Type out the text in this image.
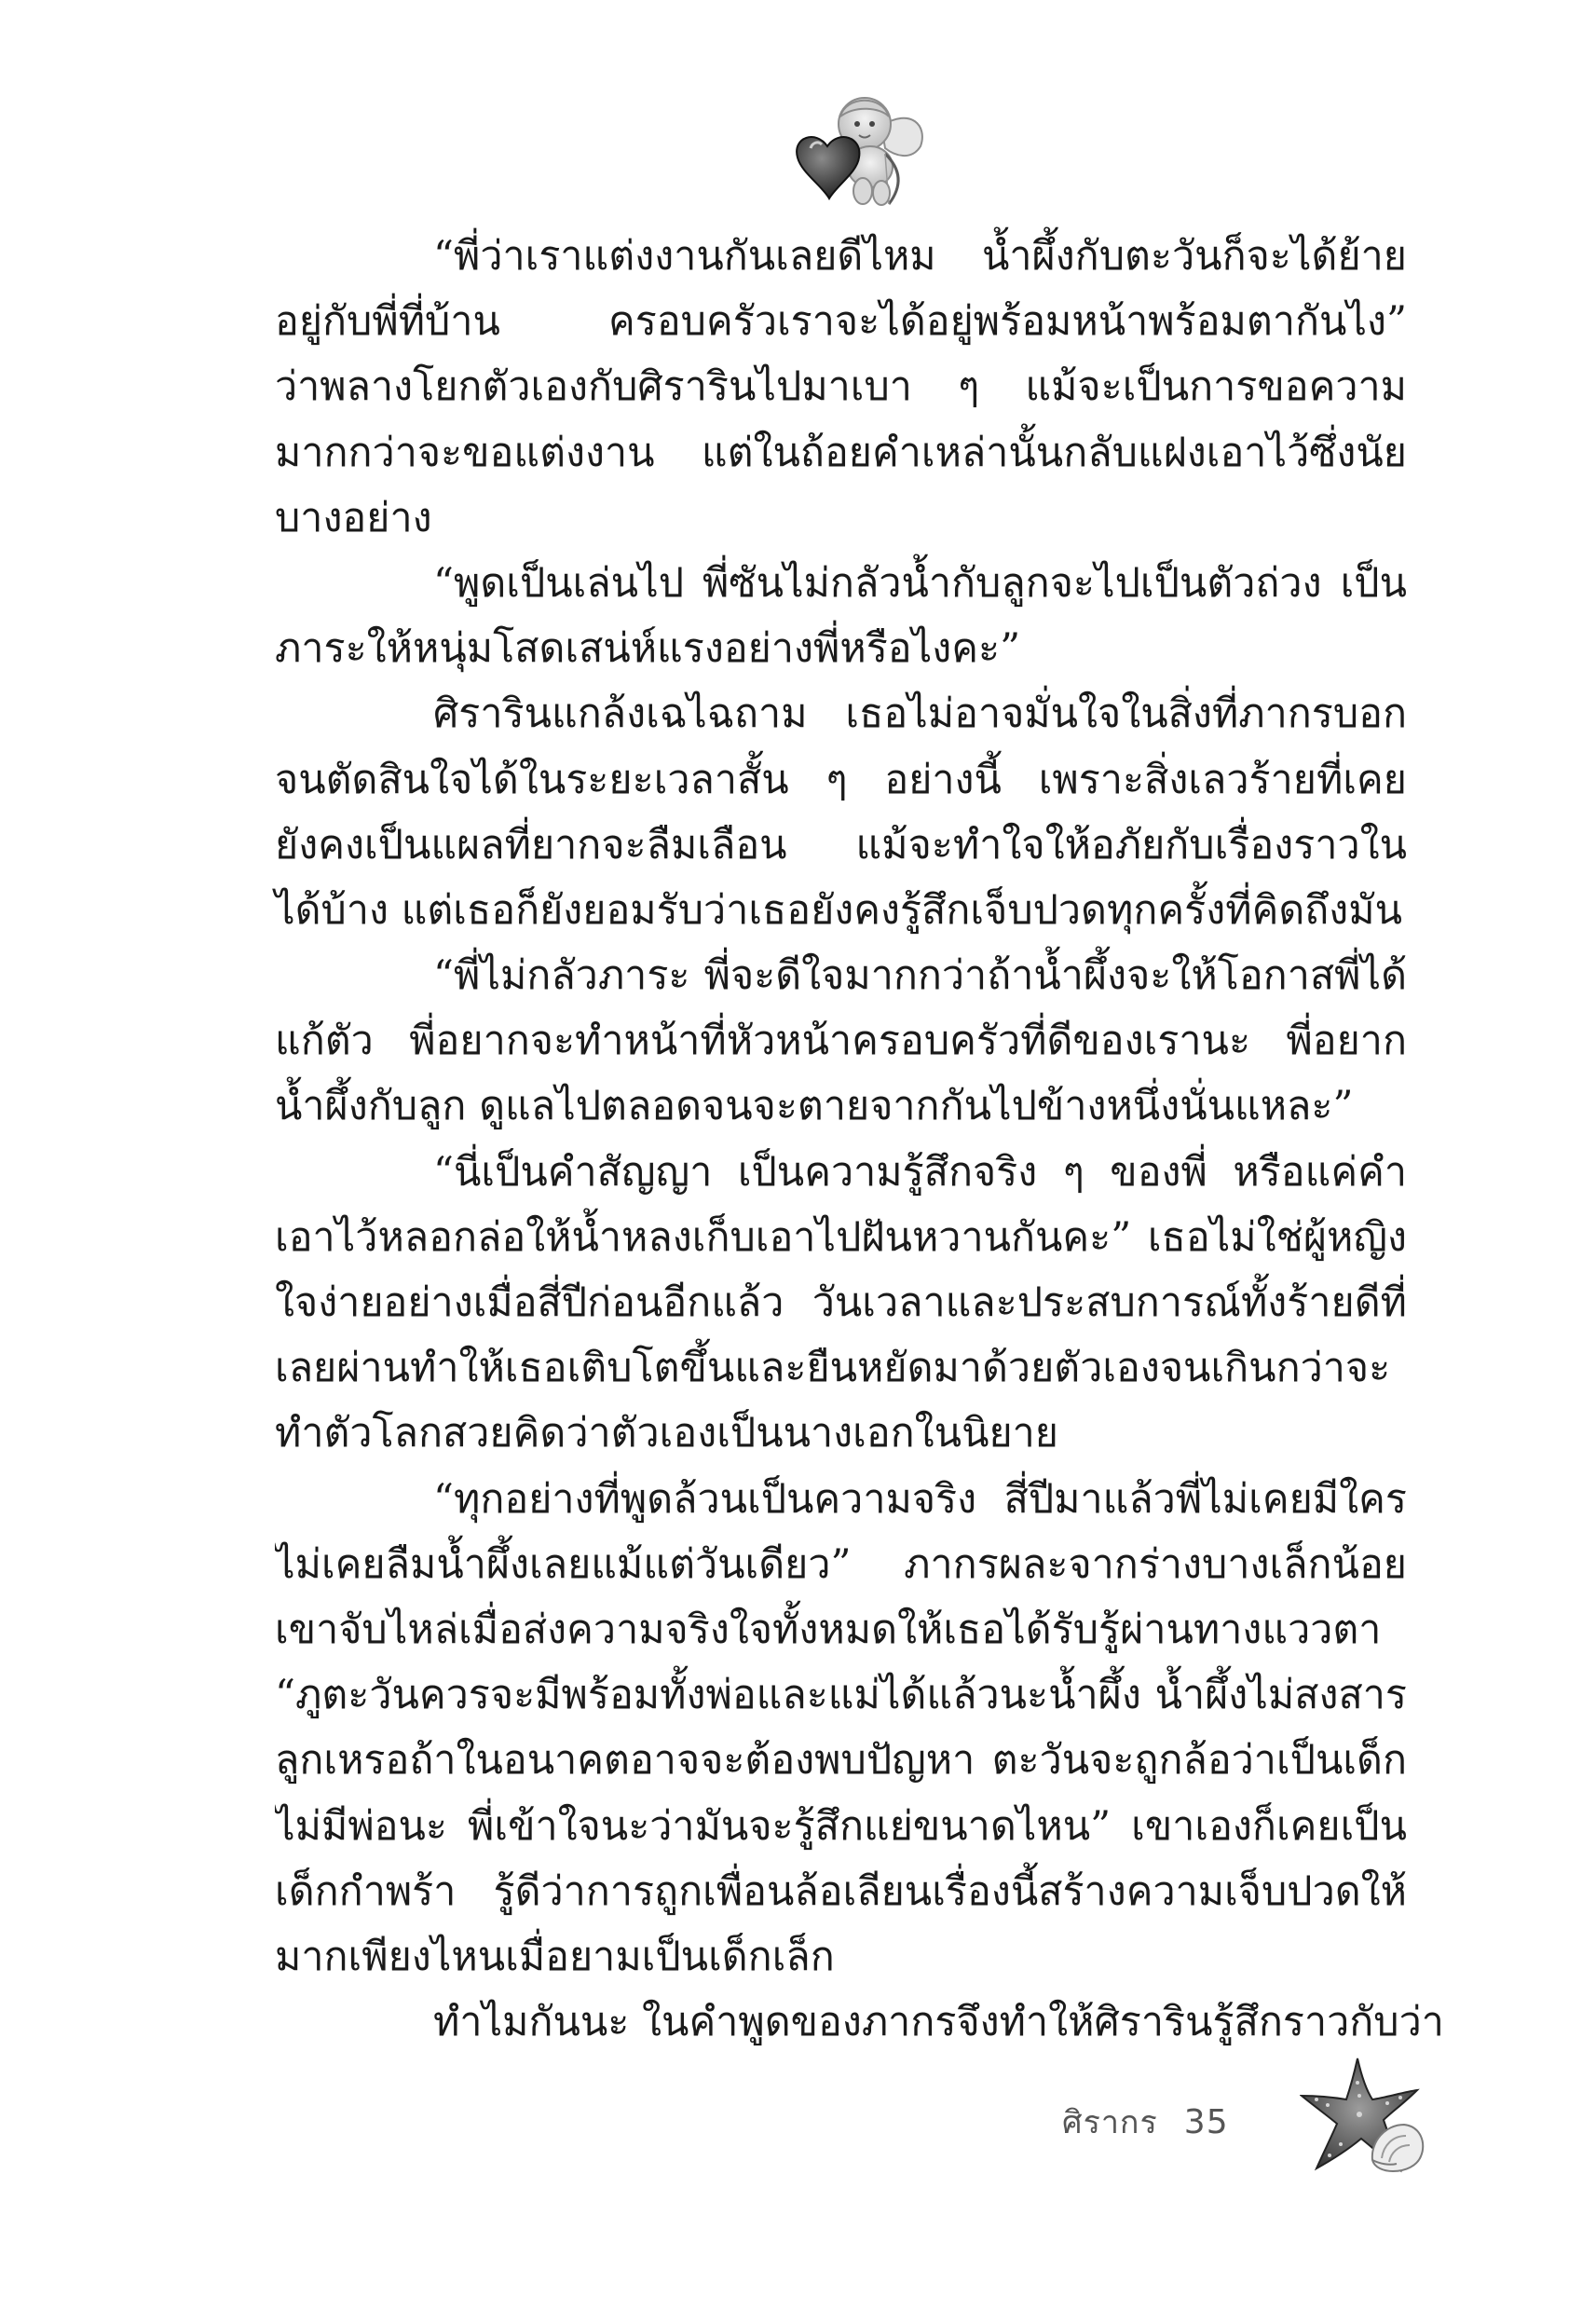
“พี่ว่าเราแต่งงานกันเลยดีไหม น้ำผึ้งกับตะวันก็จะได้ย้าย
อยู่กับพี่ที่บ้าน ครอบครัวเราจะได้อยู่พร้อมหน้าพร้อมตากันไง”
ว่าพลางโยกตัวเองกับศิรารินไปมาเบา ๆ แม้จะเป็นการขอความ
มากกว่าจะขอแต่งงาน แต่ในถ้อยคำเหล่านั้นกลับแฝงเอาไว้ซึ่งนัย
บางอย่าง
“พูดเป็นเล่นไป พี่ซันไม่กลัวน้ำกับลูกจะไปเป็นตัวถ่วง เป็น
ภาระให้หนุ่มโสดเสน่ห์แรงอย่างพี่หรือไงคะ”
ศิรารินแกล้งเฉไฉถาม เธอไม่อาจมั่นใจในสิ่งที่ภากรบอก
จนตัดสินใจได้ในระยะเวลาสั้น ๆ อย่างนี้ เพราะสิ่งเลวร้ายที่เคย
ยังคงเป็นแผลที่ยากจะลืมเลือน แม้จะทำใจให้อภัยกับเรื่องราวใน
ได้บ้าง แต่เธอก็ยังยอมรับว่าเธอยังคงรู้สึกเจ็บปวดทุกครั้งที่คิดถึงมัน
“พี่ไม่กลัวภาระ พี่จะดีใจมากกว่าถ้าน้ำผึ้งจะให้โอกาสพี่ได้
แก้ตัว พี่อยากจะทำหน้าที่หัวหน้าครอบครัวที่ดีของเรานะ พี่อยาก
น้ำผึ้งกับลูก ดูแลไปตลอดจนจะตายจากกันไปข้างหนึ่งนั่นแหละ”
“นี่เป็นคำสัญญา เป็นความรู้สึกจริง ๆ ของพี่ หรือแค่คำ
เอาไว้หลอกล่อให้น้ำหลงเก็บเอาไปฝันหวานกันคะ” เธอไม่ใช่ผู้หญิง
ใจง่ายอย่างเมื่อสี่ปีก่อนอีกแล้ว วันเวลาและประสบการณ์ทั้งร้ายดีที่
เลยผ่านทำให้เธอเติบโตขึ้นและยืนหยัดมาด้วยตัวเองจนเกินกว่าจะ
ทำตัวโลกสวยคิดว่าตัวเองเป็นนางเอกในนิยาย
“ทุกอย่างที่พูดล้วนเป็นความจริง สี่ปีมาแล้วพี่ไม่เคยมีใคร
ไม่เคยลืมน้ำผึ้งเลยแม้แต่วันเดียว” ภากรผละจากร่างบางเล็กน้อย
เขาจับไหล่เมื่อส่งความจริงใจทั้งหมดให้เธอได้รับรู้ผ่านทางแววตา
“ภูตะวันควรจะมีพร้อมทั้งพ่อและแม่ได้แล้วนะน้ำผึ้ง น้ำผึ้งไม่สงสาร
ลูกเหรอถ้าในอนาคตอาจจะต้องพบปัญหา ตะวันจะถูกล้อว่าเป็นเด็ก
ไม่มีพ่อนะ พี่เข้าใจนะว่ามันจะรู้สึกแย่ขนาดไหน” เขาเองก็เคยเป็น
เด็กกำพร้า รู้ดีว่าการถูกเพื่อนล้อเลียนเรื่องนี้สร้างความเจ็บปวดให้
มากเพียงไหนเมื่อยามเป็นเด็กเล็ก
ทำไมกันนะ ในคำพูดของภากรจึงทำให้ศิรารินรู้สึกราวกับว่า
ศิรากร 35
